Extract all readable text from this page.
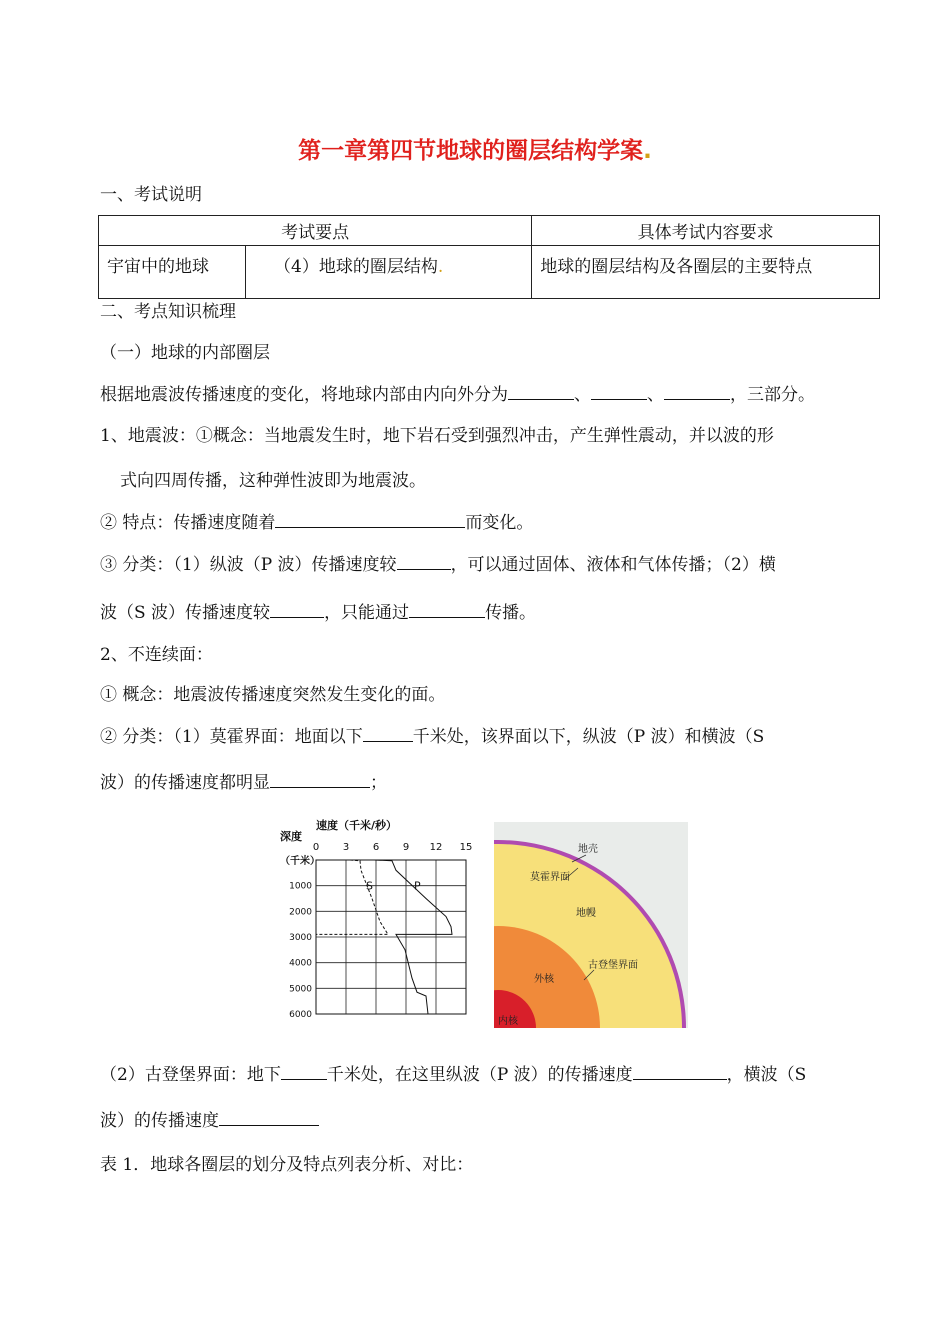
第一章第四节地球的圈层结构学案.
一、考试说明
考试要点		具体考试内容要求
宇宙中的地球	（4）地球的圈层结构.	地球的圈层结构及各圈层的主要特点
二、考点知识梳理
（一）地球的内部圈层
根据地震波传播速度的变化，将地球内部由内向外分为	、	、	，三部分。
1、地震波：①概念：当地震发生时，地下岩石受到强烈冲击，产生弹性震动，并以波的形
式向四周传播，这种弹性波即为地震波。
② 特点：传播速度随着	而变化。
③ 分类：（1）纵波（P 波）传播速度较	，可以通过固体、液体和气体传播；（2）横
波（S 波）传播速度较	，只能通过	传播。
2、不连续面：
① 概念：地震波传播速度突然发生变化的面。
② 分类：（1）莫霍界面：地面以下	千米处，该界面以下，纵波（P 波）和横波（S
波）的传播速度都明显	；
速度（千米/秒）
深度
（千米）
0 3 6 9 12 15
1000
2000
3000
4000
5000
6000
S	P
地壳
莫霍界面
地幔
古登堡界面
外核
内核
（2）古登堡界面：地下	千米处，在这里纵波（P 波）的传播速度	，横波（S
波）的传播速度
表 1．地球各圈层的划分及特点列表分析、对比：
